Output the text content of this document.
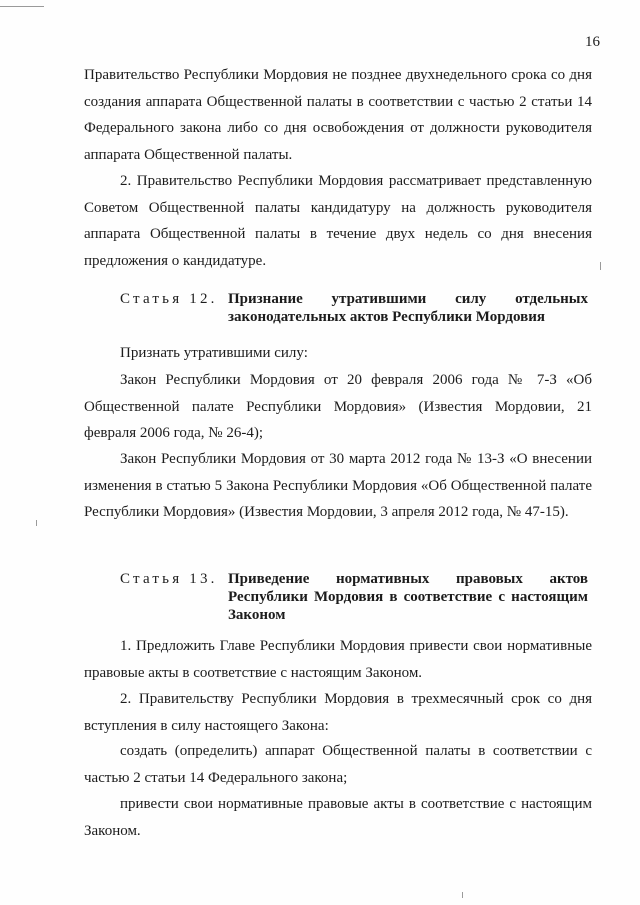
16

Правительство Республики Мордовия не позднее двухнедельного срока со дня создания аппарата Общественной палаты в соответствии с частью 2 статьи 14 Федерального закона либо со дня освобождения от должности руководителя аппарата Общественной палаты.

2. Правительство Республики Мордовия рассматривает представленную Советом Общественной палаты кандидатуру на должность руководителя аппарата Общественной палаты в течение двух недель со дня внесения предложения о кандидатуре.

Статья 12. Признание утратившими силу отдельных законодательных актов Республики Мордовия

Признать утратившими силу:

Закон Республики Мордовия от 20 февраля 2006 года № 7-З «Об Общественной палате Республики Мордовия» (Известия Мордовии, 21 февраля 2006 года, № 26-4);

Закон Республики Мордовия от 30 марта 2012 года № 13-З «О внесении изменения в статью 5 Закона Республики Мордовия «Об Общественной палате Республики Мордовия» (Известия Мордовии, 3 апреля 2012 года, № 47-15).

Статья 13. Приведение нормативных правовых актов Республики Мордовия в соответствие с настоящим Законом

1. Предложить Главе Республики Мордовия привести свои нормативные правовые акты в соответствие с настоящим Законом.

2. Правительству Республики Мордовия в трехмесячный срок со дня вступления в силу настоящего Закона:

создать (определить) аппарат Общественной палаты в соответствии с частью 2 статьи 14 Федерального закона;

привести свои нормативные правовые акты в соответствие с настоящим Законом.
